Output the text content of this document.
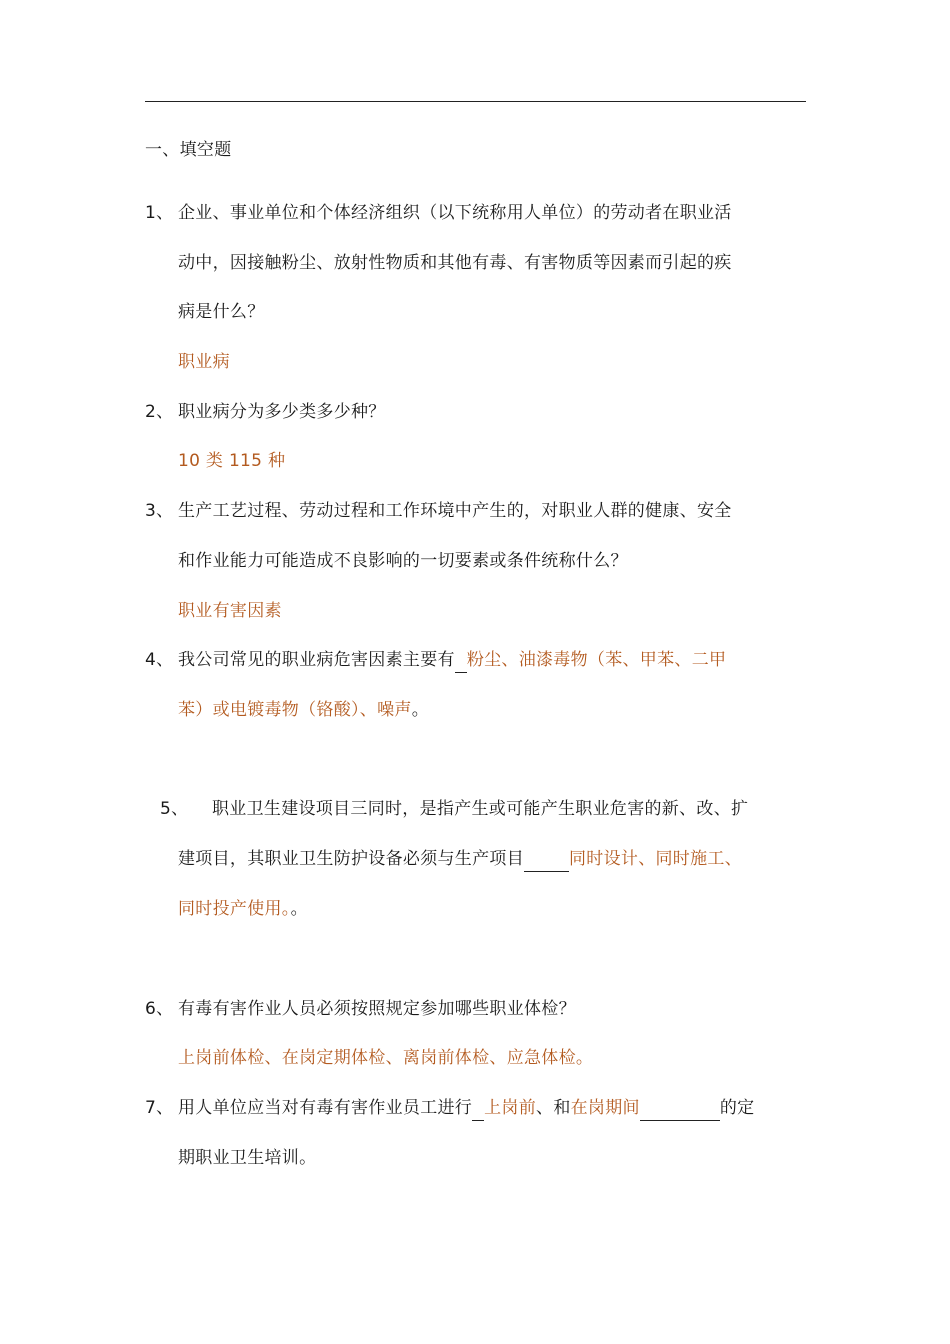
一、填空题
1、 企业、事业单位和个体经济组织（以下统称用人单位）的劳动者在职业活
动中，因接触粉尘、放射性物质和其他有毒、有害物质等因素而引起的疾
病是什么？
职业病
2、 职业病分为多少类多少种？
10 类 115 种
3、 生产工艺过程、劳动过程和工作环境中产生的，对职业人群的健康、安全
和作业能力可能造成不良影响的一切要素或条件统称什么？
职业有害因素
4、 我公司常见的职业病危害因素主要有 粉尘、油漆毒物（苯、甲苯、二甲
苯）或电镀毒物（铬酸）、噪声。
5、 职业卫生建设项目三同时，是指产生或可能产生职业危害的新、改、扩
建项目，其职业卫生防护设备必须与生产项目	同时设计、同时施工、
同时投产使用。。
6、 有毒有害作业人员必须按照规定参加哪些职业体检？
上岗前体检、在岗定期体检、离岗前体检、应急体检。
7、 用人单位应当对有毒有害作业员工进行 上岗前、和在岗期间	的定
期职业卫生培训。
